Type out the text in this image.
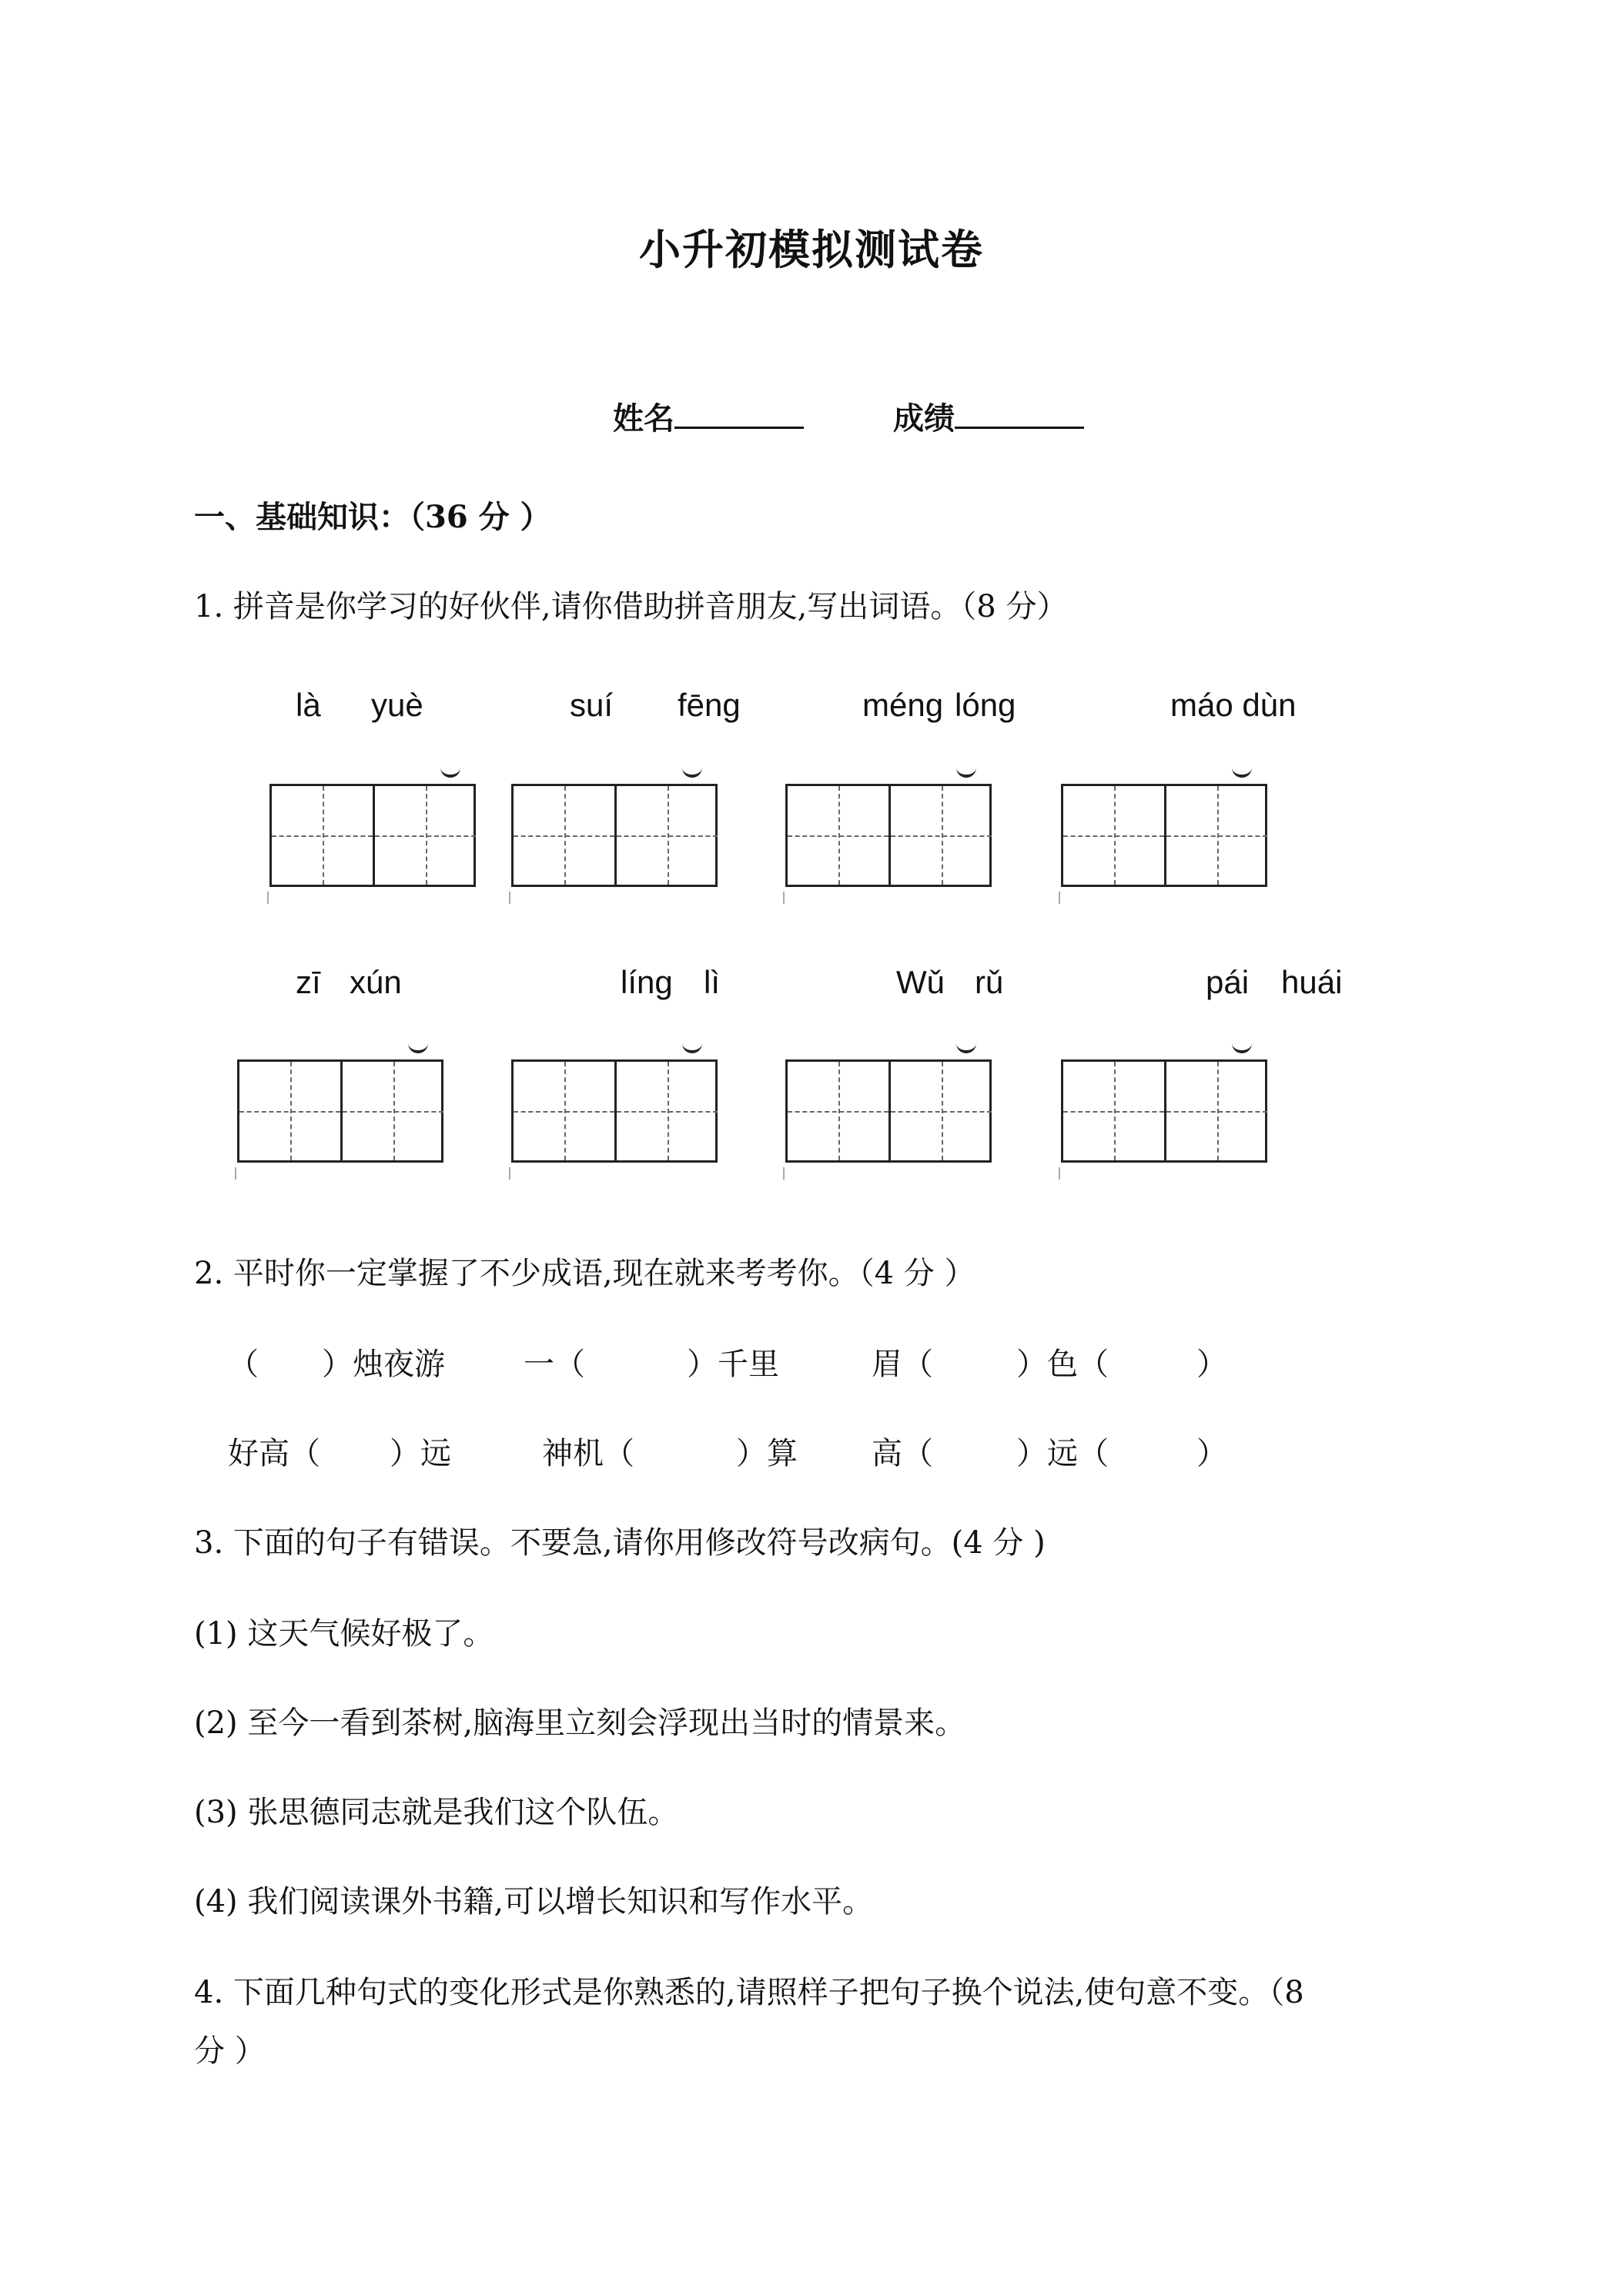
小升初模拟测试卷
姓名	成绩
一、基础知识：（36 分 ）
1. 拼音是你学习的好伙伴,请你借助拼音朋友,写出词语。（8 分）
là yuè	suí fēng	méng lóng	máo dùn
zī xún	líng lì	Wǔ rǔ	pái huái
2. 平时你一定掌握了不少成语,现在就来考考你。（4 分 ）
（ ）烛夜游	一（	）千里	眉（	）色（	）
好高（ ）远	神机（	）算 高（	）远（	）
3. 下面的句子有错误。不要急,请你用修改符号改病句。(4 分 )
(1) 这天气候好极了。
(2) 至今一看到茶树,脑海里立刻会浮现出当时的情景来。
(3) 张思德同志就是我们这个队伍。
(4) 我们阅读课外书籍,可以增长知识和写作水平。
4. 下面几种句式的变化形式是你熟悉的,请照样子把句子换个说法,使句意不变。（8
分 ）
